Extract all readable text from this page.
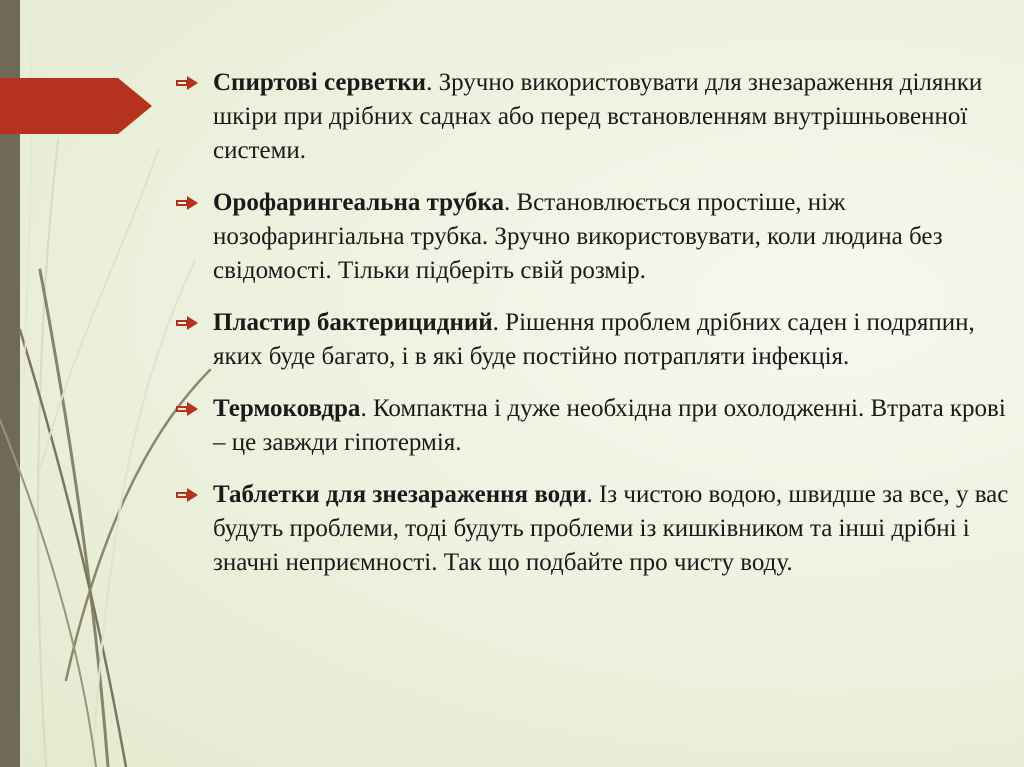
Спиртові серветки. Зручно використовувати для знезараження ділянки шкіри при дрібних саднах або перед встановленням внутрішньовенної системи.
Орофарингеальна трубка. Встановлюється простіше, ніж нозофарингіальна трубка. Зручно використовувати, коли людина без свідомості. Тільки підберіть свій розмір.
Пластир бактерицидний. Рішення проблем дрібних саден і подряпин, яких буде багато, і в які буде постійно потрапляти інфекція.
Термоковдра. Компактна і дуже необхідна при охолодженні. Втрата крові – це завжди гіпотермія.
Таблетки для знезараження води. Із чистою водою, швидше за все, у вас будуть проблеми, тоді будуть проблеми із кишківником та інші дрібні і значні неприємності. Так що подбайте про чисту воду.
